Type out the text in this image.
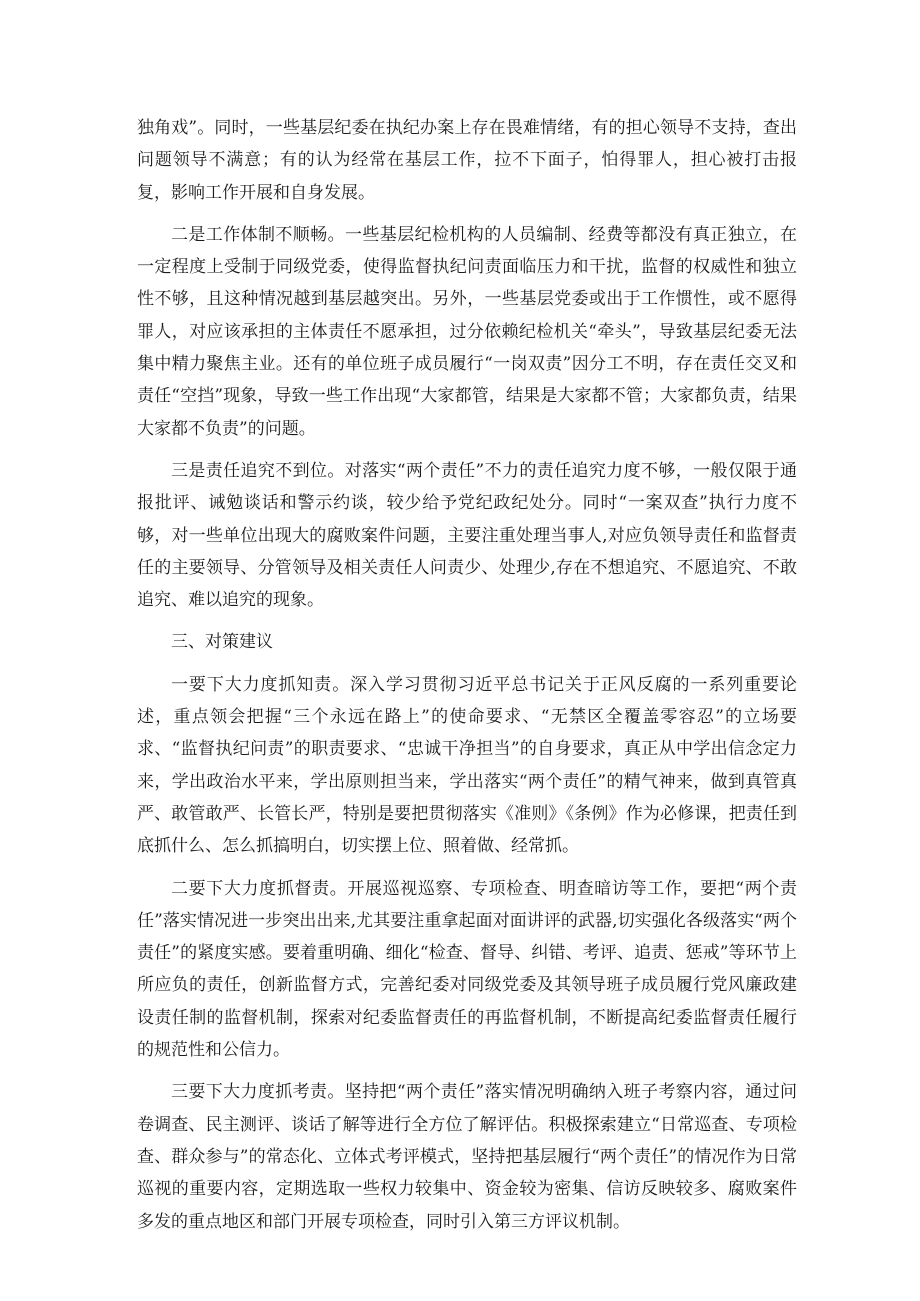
独角戏”。同时，一些基层纪委在执纪办案上存在畏难情绪，有的担心领导不支持，查出问题领导不满意；有的认为经常在基层工作，拉不下面子，怕得罪人，担心被打击报复，影响工作开展和自身发展。

二是工作体制不顺畅。一些基层纪检机构的人员编制、经费等都没有真正独立，在一定程度上受制于同级党委，使得监督执纪问责面临压力和干扰，监督的权威性和独立性不够，且这种情况越到基层越突出。另外，一些基层党委或出于工作惯性，或不愿得罪人，对应该承担的主体责任不愿承担，过分依赖纪检机关“牵头”，导致基层纪委无法集中精力聚焦主业。还有的单位班子成员履行“一岗双责”因分工不明，存在责任交叉和责任“空挡”现象，导致一些工作出现“大家都管，结果是大家都不管；大家都负责，结果大家都不负责”的问题。

三是责任追究不到位。对落实“两个责任”不力的责任追究力度不够，一般仅限于通报批评、诫勉谈话和警示约谈，较少给予党纪政纪处分。同时“一案双查”执行力度不够，对一些单位出现大的腐败案件问题，主要注重处理当事人,对应负领导责任和监督责任的主要领导、分管领导及相关责任人问责少、处理少,存在不想追究、不愿追究、不敢追究、难以追究的现象。

三、对策建议

一要下大力度抓知责。深入学习贯彻习近平总书记关于正风反腐的一系列重要论述，重点领会把握“三个永远在路上”的使命要求、“无禁区全覆盖零容忍”的立场要求、“监督执纪问责”的职责要求、“忠诚干净担当”的自身要求，真正从中学出信念定力来，学出政治水平来，学出原则担当来，学出落实“两个责任”的精气神来，做到真管真严、敢管敢严、长管长严，特别是要把贯彻落实《准则》《条例》作为必修课，把责任到底抓什么、怎么抓搞明白，切实摆上位、照着做、经常抓。

二要下大力度抓督责。开展巡视巡察、专项检查、明查暗访等工作，要把“两个责任”落实情况进一步突出出来,尤其要注重拿起面对面讲评的武器,切实强化各级落实“两个责任”的紧度实感。要着重明确、细化“检查、督导、纠错、考评、追责、惩戒”等环节上所应负的责任，创新监督方式，完善纪委对同级党委及其领导班子成员履行党风廉政建设责任制的监督机制，探索对纪委监督责任的再监督机制，不断提高纪委监督责任履行的规范性和公信力。

三要下大力度抓考责。坚持把“两个责任”落实情况明确纳入班子考察内容，通过问卷调查、民主测评、谈话了解等进行全方位了解评估。积极探索建立“日常巡查、专项检查、群众参与”的常态化、立体式考评模式，坚持把基层履行“两个责任”的情况作为日常巡视的重要内容，定期选取一些权力较集中、资金较为密集、信访反映较多、腐败案件多发的重点地区和部门开展专项检查，同时引入第三方评议机制。
